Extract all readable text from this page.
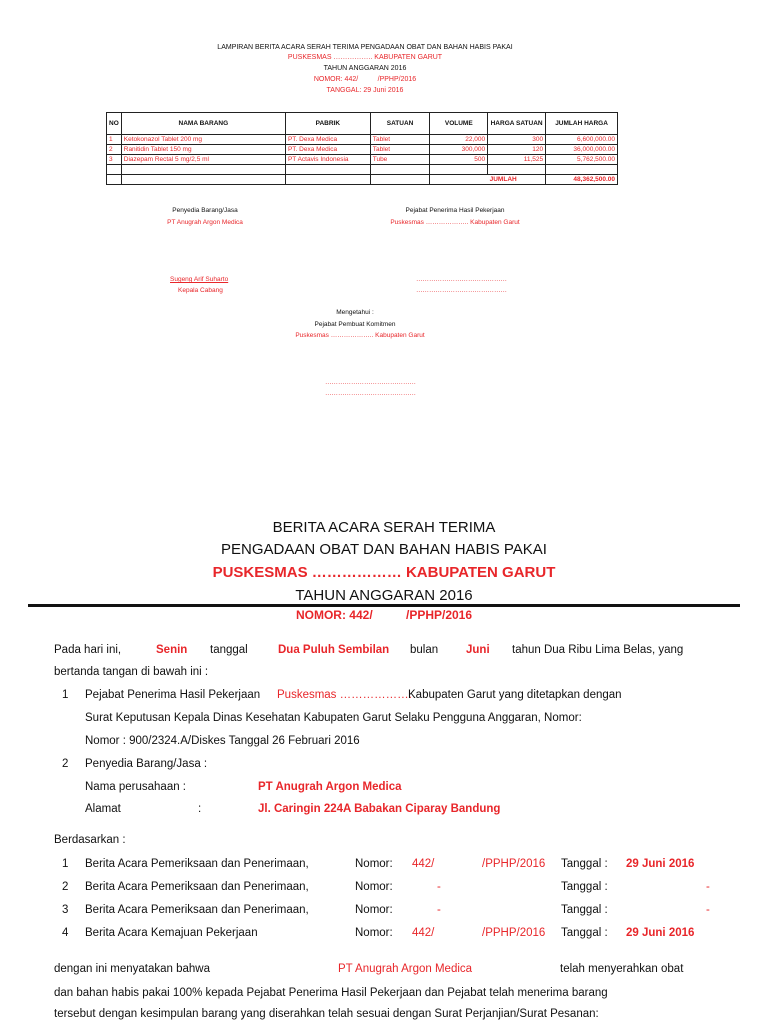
LAMPIRAN BERITA ACARA SERAH TERIMA PENGADAAN OBAT DAN BAHAN HABIS PAKAI
PUSKESMAS …………….. KABUPATEN GARUT
TAHUN ANGGARAN 2016
NOMOR: 442/          /PPHP/2016
TANGGAL: 29 Juni 2016
NO	NAMA BARANG	PABRIK	SATUAN	VOLUME	HARGA SATUAN	JUMLAH HARGA
1	Ketokonazol Tablet 200 mg	PT. Dexa Medica	Tablet	22,000	300	6,600,000.00
2	Ranitidin Tablet 150 mg	PT. Dexa Medica	Tablet	300,000	120	36,000,000.00
3	Diazepam Rectal 5 mg/2,5 ml	PT Actavis Indonesia	Tube	500	11,525	5,762,500.00

					JUMLAH	48,362,500.00
Penyedia Barang/Jasa
PT Anugrah Argon Medica
Sugeng Arif Suharto
Kepala Cabang
Pejabat Penerima Hasil Pekerjaan
Puskesmas ……………….. Kabupaten Garut
……………………………………
……………………………………
Mengetahui :
Pejabat Pembuat Komitmen
Puskesmas ……………….. Kabupaten Garut
……………………………………
……………………………………
BERITA ACARA SERAH TERIMA
PENGADAAN OBAT DAN BAHAN HABIS PAKAI
PUSKESMAS ……………… KABUPATEN GARUT
TAHUN ANGGARAN 2016
NOMOR: 442/          /PPHP/2016
Pada hari ini,	Senin tanggal	Dua Puluh Sembilan bulan Juni tahun Dua Ribu Lima Belas, yang
bertanda tangan di bawah ini :
1 Pejabat Penerima Hasil Pekerjaan Puskesmas ……………….
Kabupaten Garut yang ditetapkan dengan
Surat Keputusan Kepala Dinas Kesehatan Kabupaten Garut Selaku Pengguna Anggaran, Nomor:
Nomor : 900/2324.A/Diskes Tanggal 26 Februari 2016
2 Penyedia Barang/Jasa :
Nama perusahaan :	PT Anugrah Argon Medica
Alamat	:	Jl. Caringin 224A Babakan Ciparay Bandung
Berdasarkan :
1 Berita Acara Pemeriksaan dan Penerimaan,	Nomor: 442/	/PPHP/2016 Tanggal : 29 Juni 2016
2 Berita Acara Pemeriksaan dan Penerimaan,	Nomor:	-	Tanggal :	-
3 Berita Acara Pemeriksaan dan Penerimaan,	Nomor:	-	Tanggal :	-
4 Berita Acara Kemajuan Pekerjaan	Nomor: 442/	/PPHP/2016 Tanggal : 29 Juni 2016
dengan ini menyatakan bahwa	PT Anugrah Argon Medica	telah menyerahkan obat
dan bahan habis pakai 100% kepada Pejabat Penerima Hasil Pekerjaan dan Pejabat telah menerima barang
tersebut dengan kesimpulan barang yang diserahkan telah sesuai dengan Surat Perjanjian/Surat Pesanan:
